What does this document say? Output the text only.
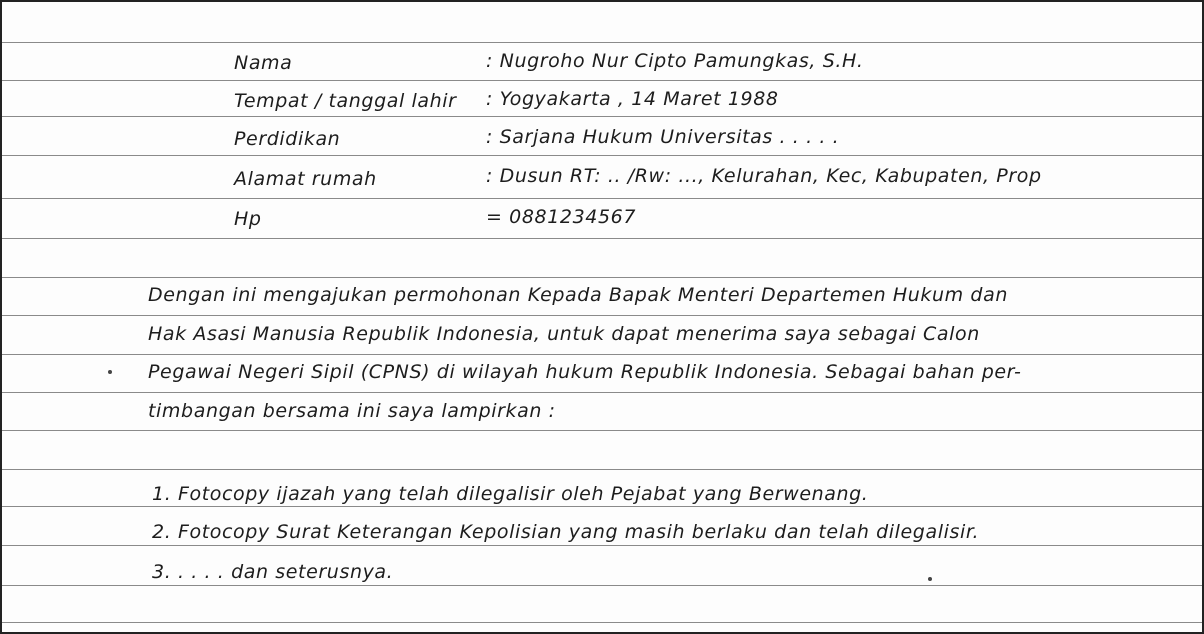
Nama	: Nugroho Nur Cipto Pamungkas, S.H.
Tempat / tanggal lahir : Yogyakarta , 14 Maret 1988
Perdidikan	: Sarjana Hukum Universitas . . . . .
Alamat rumah	: Dusun RT: .. /Rw: ..., Kelurahan, Kec, Kabupaten, Prop
Hp	= 0881234567
Dengan ini mengajukan permohonan Kepada Bapak Menteri Departemen Hukum dan
Hak Asasi Manusia Republik Indonesia, untuk dapat menerima saya sebagai Calon
Pegawai Negeri Sipil (CPNS) di wilayah hukum Republik Indonesia. Sebagai bahan per-
timbangan bersama ini saya lampirkan :
1. Fotocopy ijazah yang telah dilegalisir oleh Pejabat yang Berwenang.
2. Fotocopy Surat Keterangan Kepolisian yang masih berlaku dan telah dilegalisir.
3. . . . . dan seterusnya.
